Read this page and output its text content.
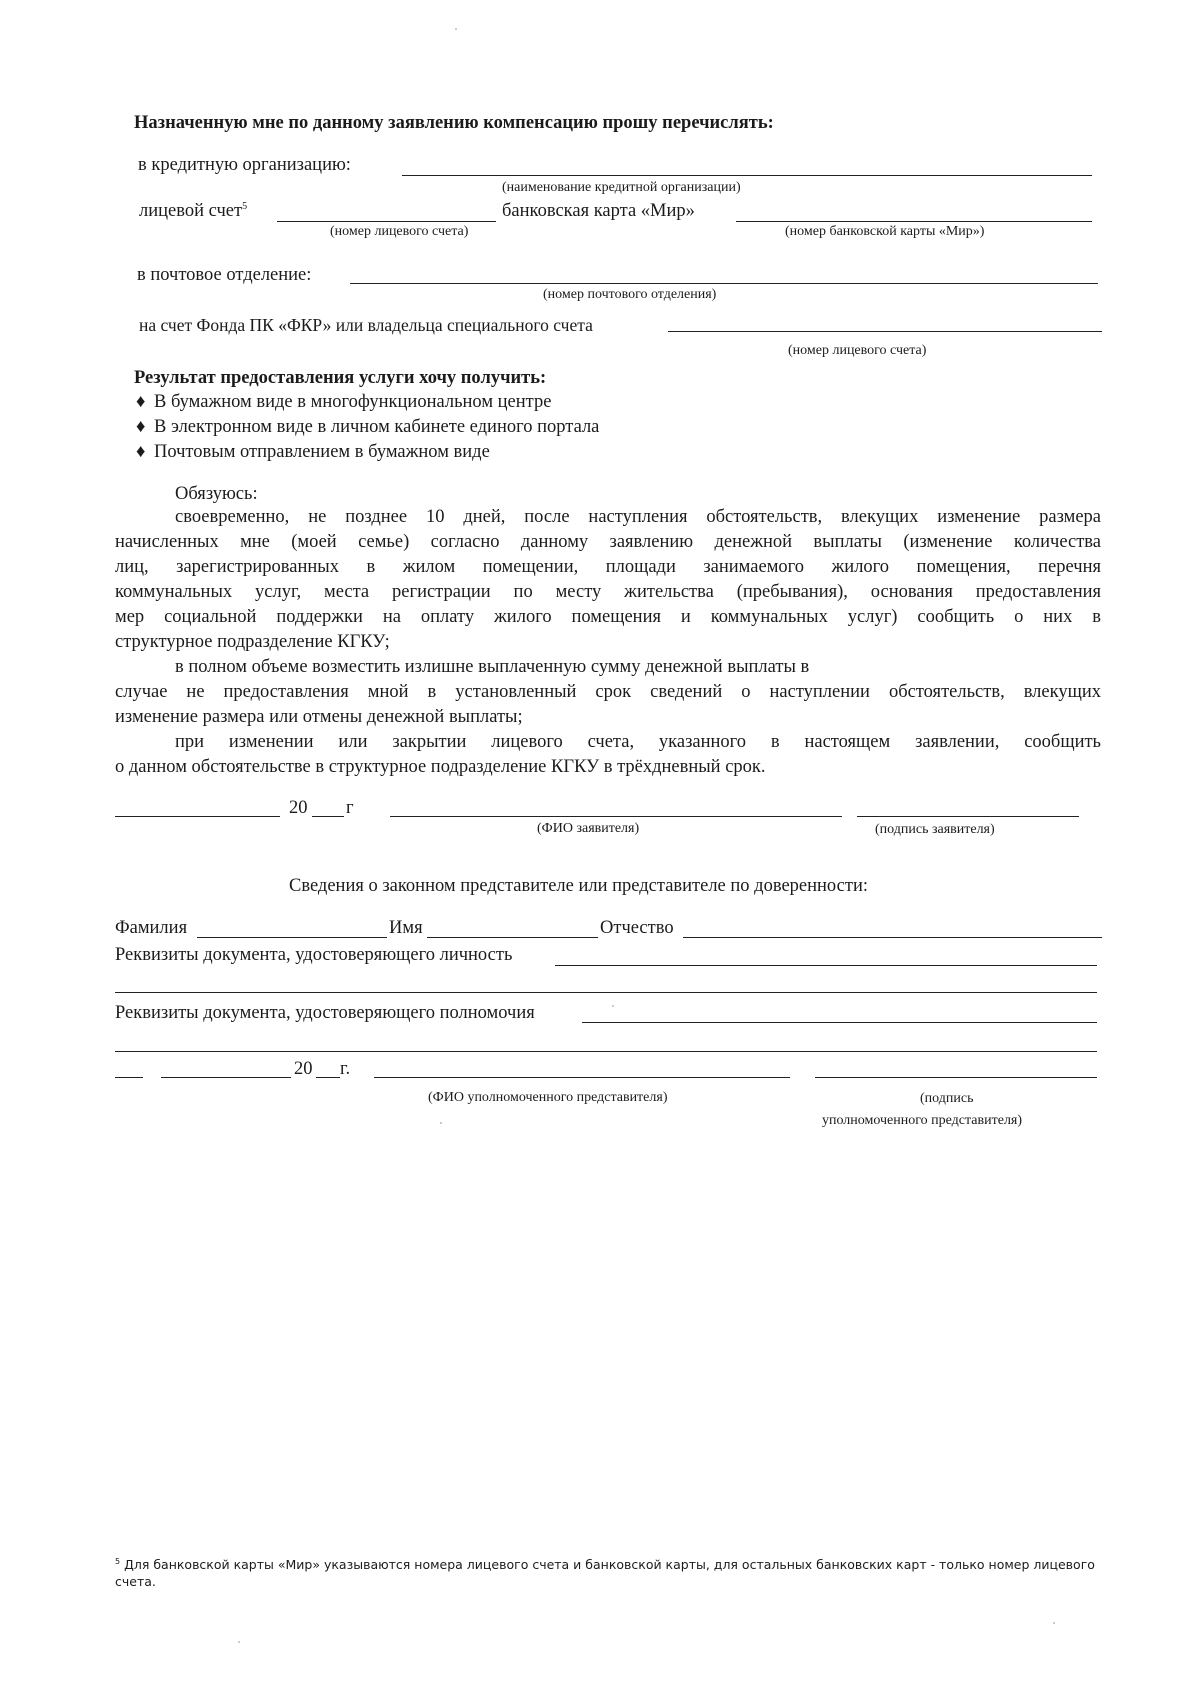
Назначенную мне по данному заявлению компенсацию прошу перечислять:
в кредитную организацию:
(наименование кредитной организации)
лицевой счет$^5$	банковская карта «Мир»
(номер лицевого счета)	(номер банковской карты «Мир»)
в почтовое отделение:
(номер почтового отделения)
на счет Фонда ПК «ФКР» или владельца специального счета
(номер лицевого счета)
Результат предоставления услуги хочу получить:
♦ В бумажном виде в многофункциональном центре
♦ В электронном виде в личном кабинете единого портала
♦ Почтовым отправлением в бумажном виде
Обязуюсь:
своевременно, не позднее 10 дней, после наступления обстоятельств, влекущих изменение размера
начисленных мне (моей семье) согласно данному заявлению денежной выплаты (изменение количества
лиц, зарегистрированных в жилом помещении, площади занимаемого жилого помещения, перечня
коммунальных услуг, места регистрации по месту жительства (пребывания), основания предоставления
мер социальной поддержки на оплату жилого помещения и коммунальных услуг) сообщить о них в
структурное подразделение КГКУ;
в полном объеме возместить излишне выплаченную сумму денежной выплаты в
случае не предоставления мной в установленный срок сведений о наступлении обстоятельств, влекущих
изменение размера или отмены денежной выплаты;
при изменении или закрытии лицевого счета, указанного в настоящем заявлении, сообщить
о данном обстоятельстве в структурное подразделение КГКУ в трёхдневный срок.
20 г
(ФИО заявителя)	(подпись заявителя)
Сведения о законном представителе или представителе по доверенности:
Фамилия	Имя	Отчество
Реквизиты документа, удостоверяющего личность
Реквизиты документа, удостоверяющего полномочия
20 г.
(ФИО уполномоченного представителя)	(подпись
уполномоченного представителя)
$^5$ Для банковской карты «Мир» указываются номера лицевого счета и банковской карты, для остальных банковских карт - только номер лицевого счета.
